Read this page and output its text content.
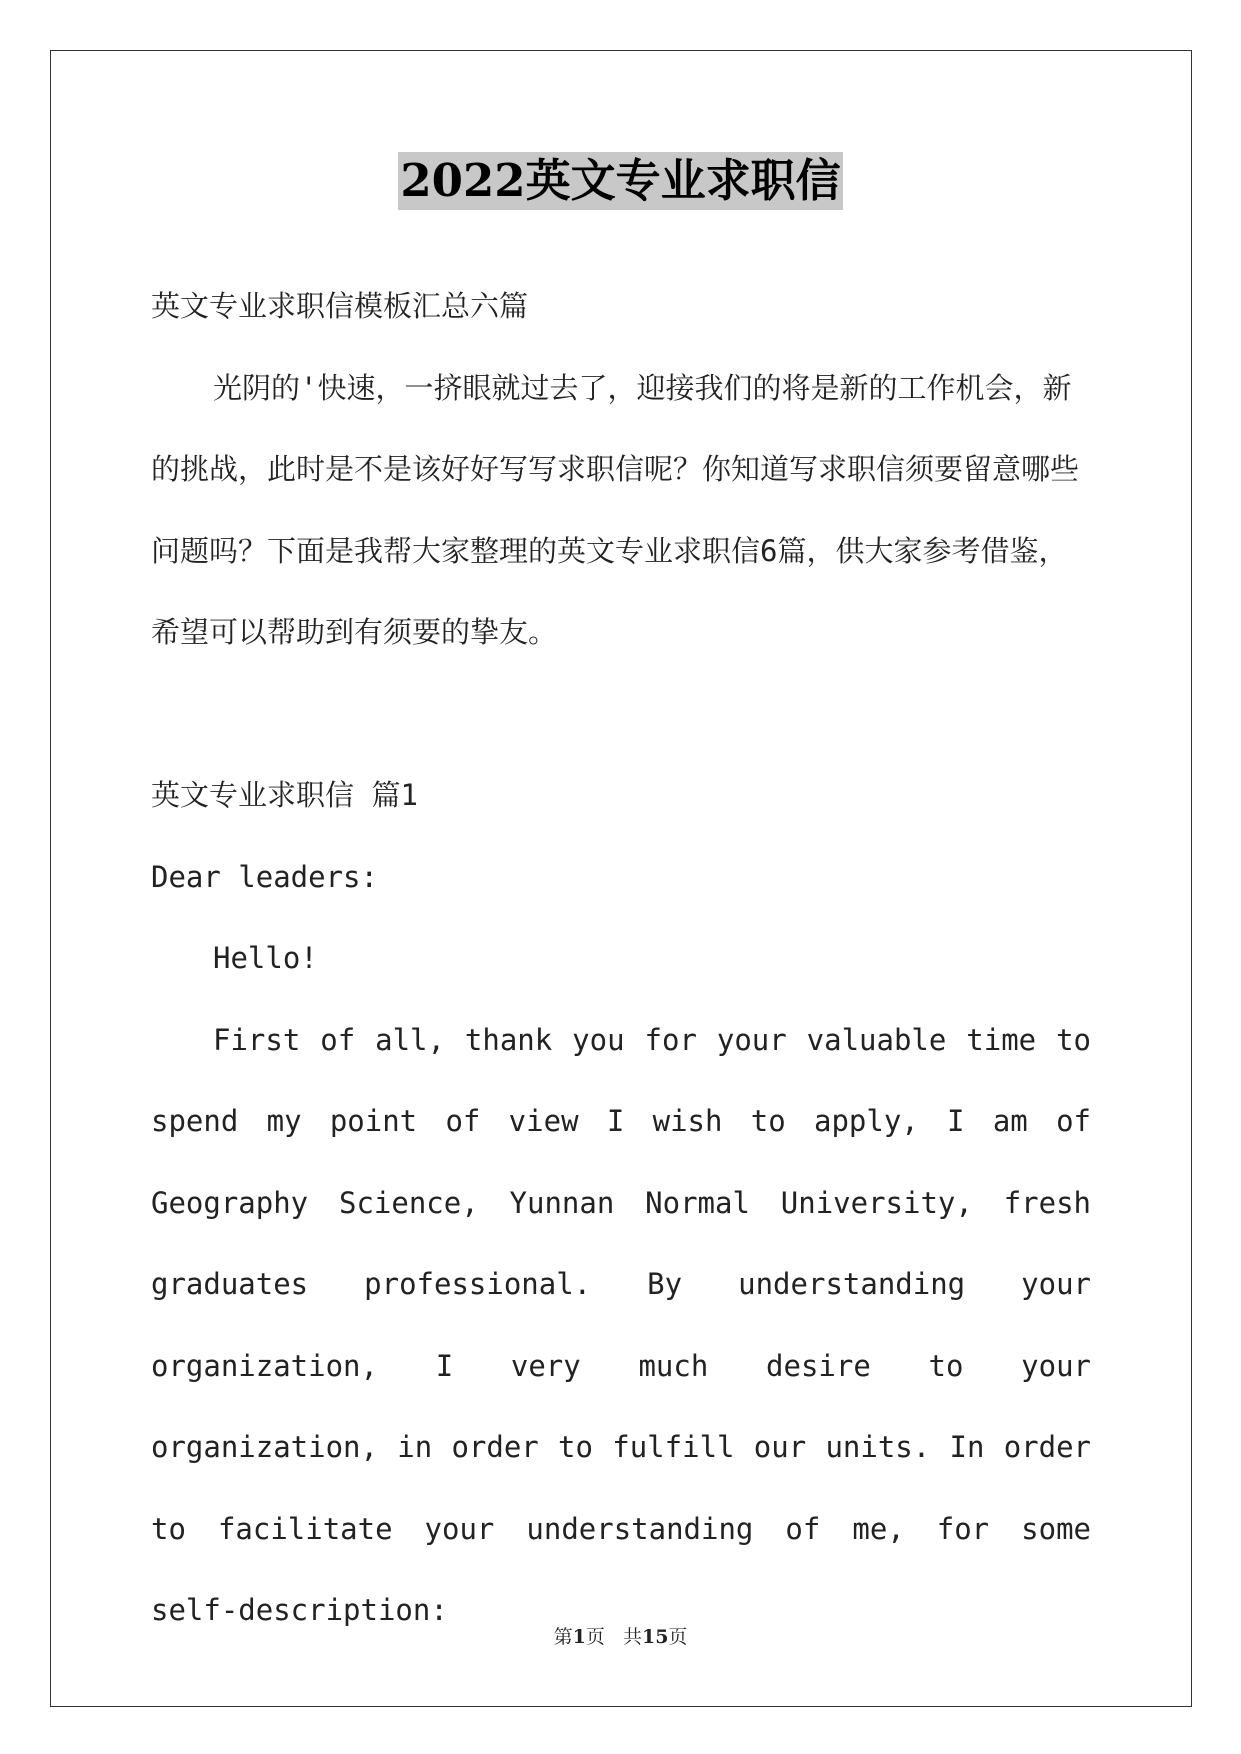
2022英文专业求职信

英文专业求职信模板汇总六篇

光阴的'快速，一挤眼就过去了，迎接我们的将是新的工作机会，新的挑战，此时是不是该好好写写求职信呢？你知道写求职信须要留意哪些问题吗？下面是我帮大家整理的英文专业求职信6篇，供大家参考借鉴，希望可以帮助到有须要的挚友。

英文专业求职信 篇1

Dear leaders:

Hello!

First of all, thank you for your valuable time to spend my point of view I wish to apply, I am of Geography Science, Yunnan Normal University, fresh graduates professional. By understanding your organization, I very much desire to your organization, in order to fulfill our units. In order to facilitate your understanding of me, for some self-description:

第1页 共15页
